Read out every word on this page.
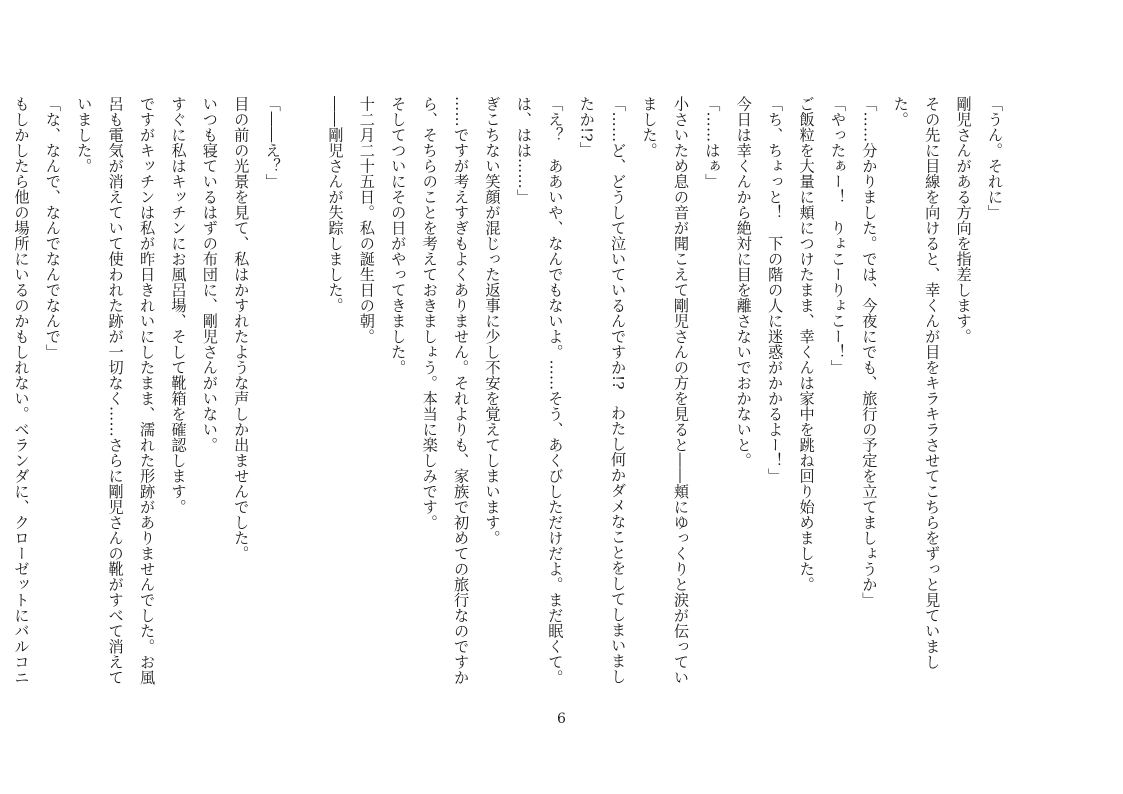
「うん。それに」

剛児さんがある方向を指差します。

その先に目線を向けると、幸くんが目をキラキラさせてこちらをずっと見ていました。

「……分かりました。では、今夜にでも、旅行の予定を立てましょうか」

「やったぁー！　りょこーりょこー！」

ご飯粒を大量に頬につけたまま、幸くんは家中を跳ね回り始めました。

「ち、ちょっと！　下の階の人に迷惑がかかるよー！」

今日は幸くんから絶対に目を離さないでおかないと。

「……はぁ」

小さいため息の音が聞こえて剛児さんの方を見ると――頬にゆっくりと涙が伝っていました。

「……ど、どうして泣いているんですか!?　わたし何かダメなことをしてしまいましたか!?」

「え？　ああいや、なんでもないよ。……そう、あくびしただけだよ。まだ眠くて。は、はは……」

ぎこちない笑顔が混じった返事に少し不安を覚えてしまいます。

……ですが考えすぎもよくありません。それよりも、家族で初めての旅行なのですから、そちらのことを考えておきましょう。本当に楽しみです。

そしてついにその日がやってきました。

十二月二十五日。私の誕生日の朝。

――剛児さんが失踪しました。

「――え？」

目の前の光景を見て、私はかすれたような声しか出ませんでした。

いつも寝ているはずの布団に、剛児さんがいない。

すぐに私はキッチンにお風呂場、そして靴箱を確認します。

ですがキッチンは私が昨日きれいにしたまま、濡れた形跡がありませんでした。お風呂も電気が消えていて使われた跡が一切なく……さらに剛児さんの靴がすべて消えていました。

「な、なんで、なんでなんでなんで」

もしかしたら他の場所にいるのかもしれない。ベランダに、クローゼットにバルコニ

6
